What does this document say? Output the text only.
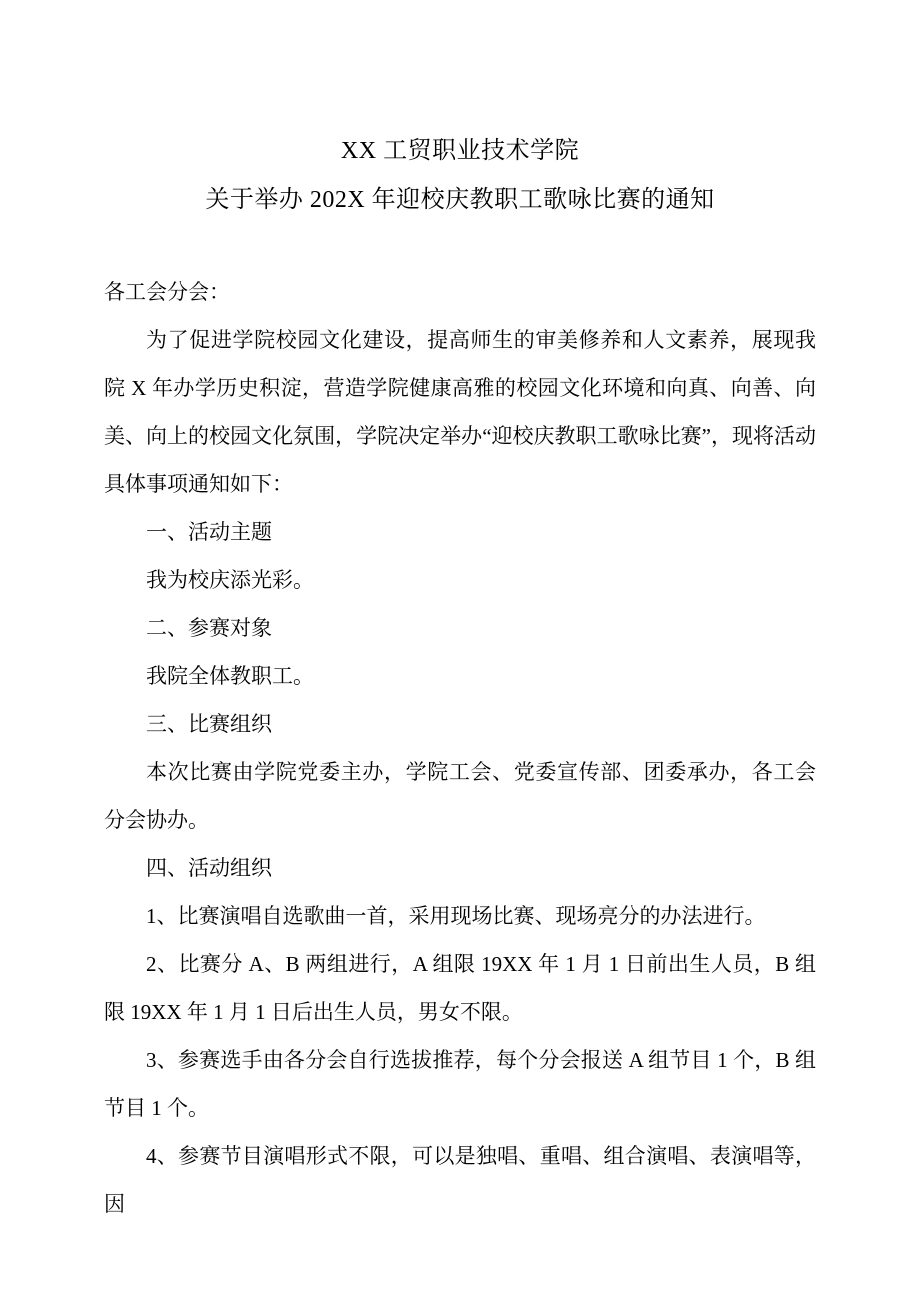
XX 工贸职业技术学院
关于举办 202X 年迎校庆教职工歌咏比赛的通知

各工会分会：

为了促进学院校园文化建设，提高师生的审美修养和人文素养，展现我院 X 年办学历史积淀，营造学院健康高雅的校园文化环境和向真、向善、向美、向上的校园文化氛围，学院决定举办“迎校庆教职工歌咏比赛”，现将活动具体事项通知如下：

一、活动主题

我为校庆添光彩。

二、参赛对象

我院全体教职工。

三、比赛组织

本次比赛由学院党委主办，学院工会、党委宣传部、团委承办，各工会分会协办。

四、活动组织

1、比赛演唱自选歌曲一首，采用现场比赛、现场亮分的办法进行。

2、比赛分 A、B 两组进行，A 组限 19XX 年 1 月 1 日前出生人员，B 组限 19XX 年 1 月 1 日后出生人员，男女不限。

3、参赛选手由各分会自行选拔推荐，每个分会报送 A 组节目 1 个，B 组节目 1 个。

4、参赛节目演唱形式不限，可以是独唱、重唱、组合演唱、表演唱等，因
